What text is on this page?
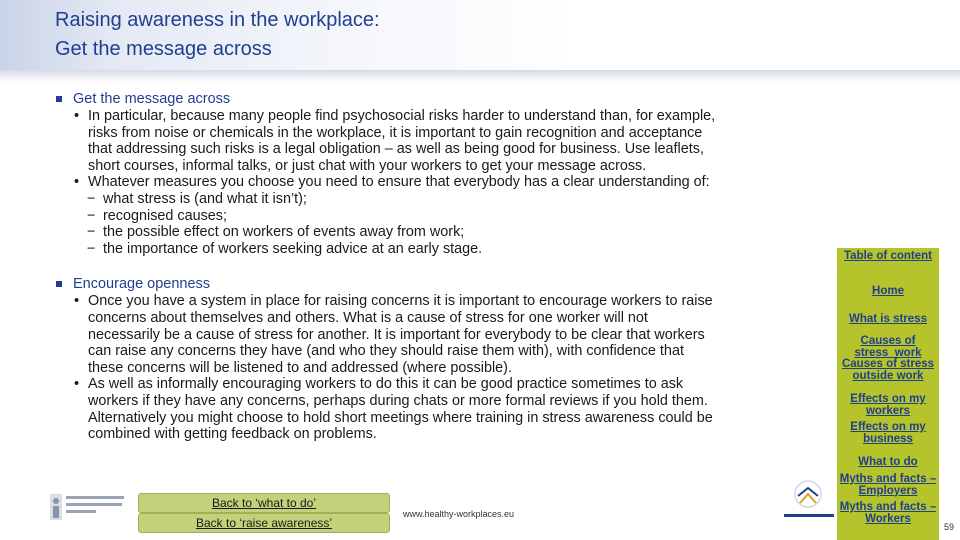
Raising awareness in the workplace:
Get the message across
Get the message across
• In particular, because many people find psychosocial risks harder to understand than, for example,
risks from noise or chemicals in the workplace, it is important to gain recognition and acceptance
that addressing such risks is a legal obligation – as well as being good for business. Use leaflets,
short courses, informal talks, or just chat with your workers to get your message across.
• Whatever measures you choose you need to ensure that everybody has a clear understanding of:
− what stress is (and what it isn’t);
− recognised causes;
− the possible effect on workers of events away from work;
− the importance of workers seeking advice at an early stage.
Encourage openness
• Once you have a system in place for raising concerns it is important to encourage workers to raise
concerns about themselves and others. What is a cause of stress for one worker will not
necessarily be a cause of stress for another. It is important for everybody to be clear that workers
can raise any concerns they have (and who they should raise them with), with confidence that
these concerns will be listened to and addressed (where possible).
• As well as informally encouraging workers to do this it can be good practice sometimes to ask
workers if they have any concerns, perhaps during chats or more formal reviews if you hold them.
Alternatively you might choose to hold short meetings where training in stress awareness could be
combined with getting feedback on problems.
Table of content
Home
What is stress
Causes of stress_work
Causes of stress outside work
Effects on my workers
Effects on my business
What to do
Myths and facts – Employers
Myths and facts – Workers
Back to ‘what to do’
Back to ‘raise awareness’
www.healthy-workplaces.eu
59
